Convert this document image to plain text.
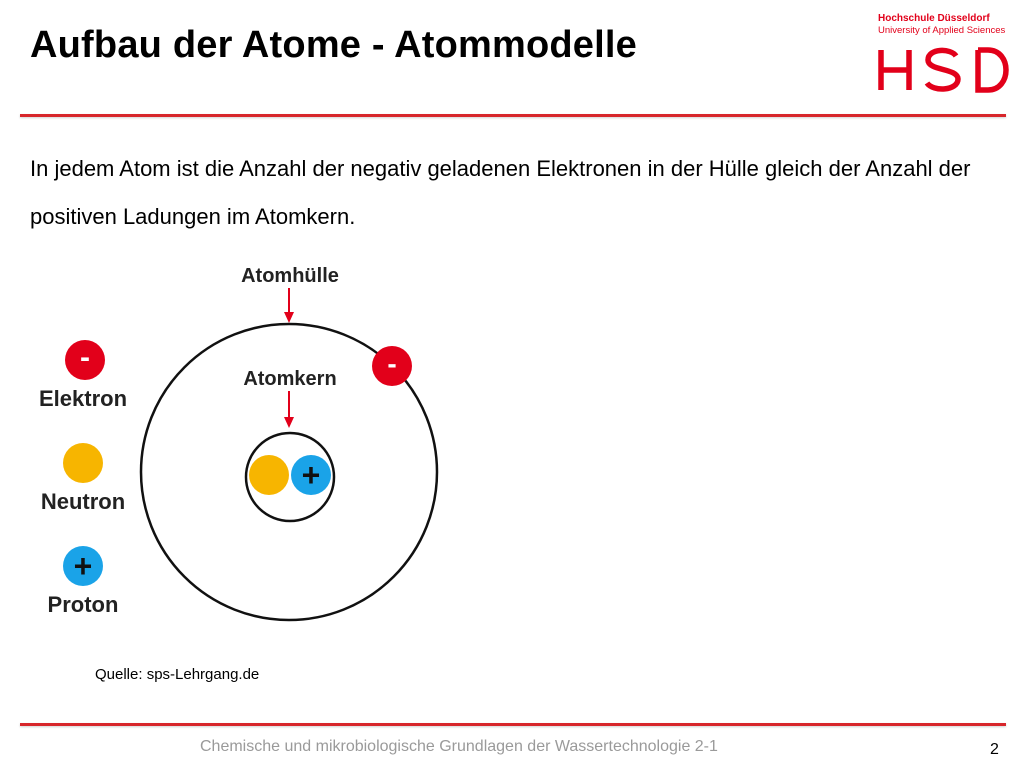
Aufbau der Atome - Atommodelle
Hochschule Düsseldorf
University of Applied Sciences
In jedem Atom ist die Anzahl der negativ geladenen Elektronen in der Hülle gleich der Anzahl der positiven Ladungen im Atomkern.
-
Elektron
Neutron
+
Proton
Atomhülle
-
Atomkern
+
Quelle: sps-Lehrgang.de
Chemische und mikrobiologische Grundlagen der Wassertechnologie 2-1	2
